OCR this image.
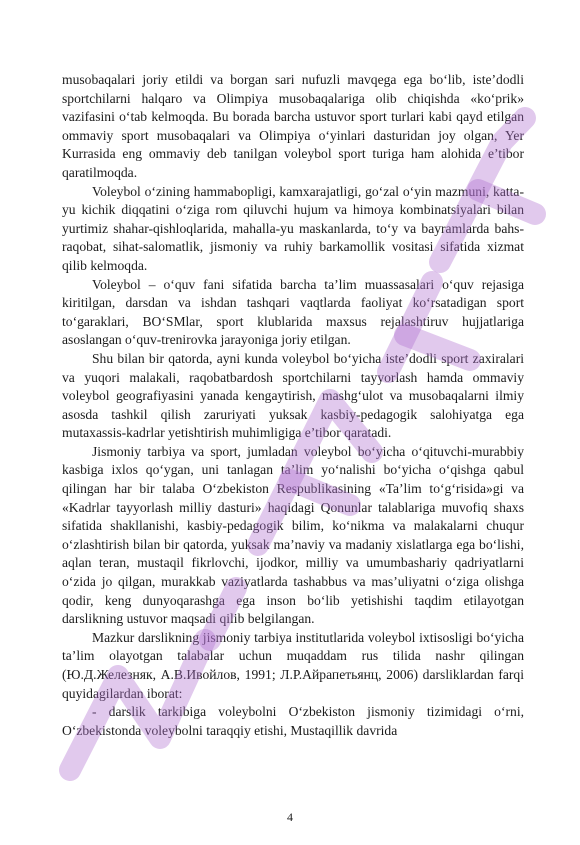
musobaqalari joriy etildi va borgan sari nufuzli mavqega ega bo‘lib, iste’dodli sportchilarni halqaro va Olimpiya musobaqalariga olib chiqishda «ko‘prik» vazifasini o‘tab kelmoqda. Bu borada barcha ustuvor sport turlari kabi qayd etilgan ommaviy sport musobaqalari va Olimpiya o‘yinlari dasturidan joy olgan, Yer Kurrasida eng ommaviy deb tanilgan voleybol sport turiga ham alohida e’tibor qaratilmoqda.

Voleybol o‘zining hammabopligi, kamxarajatligi, go‘zal o‘yin mazmuni, katta-yu kichik diqqatini o‘ziga rom qiluvchi hujum va himoya kombinatsiyalari bilan yurtimiz shahar-qishloqlarida, mahalla-yu maskanlarda, to‘y va bayramlarda bahs-raqobat, sihat-salomatlik, jismoniy va ruhiy barkamollik vositasi sifatida xizmat qilib kelmoqda.

Voleybol – o‘quv fani sifatida barcha ta’lim muassasalari o‘quv rejasiga kiritilgan, darsdan va ishdan tashqari vaqtlarda faoliyat ko‘rsatadigan sport to‘garaklari, BO‘SMlar, sport klublarida maxsus rejalashtiruv hujjatlariga asoslangan o‘quv-trenirovka jarayoniga joriy etilgan.

Shu bilan bir qatorda, ayni kunda voleybol bo‘yicha iste’dodli sport zaxiralari va yuqori malakali, raqobatbardosh sportchilarni tayyorlash hamda ommaviy voleybol geografiyasini yanada kengaytirish, mashg‘ulot va musobaqalarni ilmiy asosda tashkil qilish zaruriyati yuksak kasbiy-pedagogik salohiyatga ega mutaxassis-kadrlar yetishtirish muhimligiga e’tibor qaratadi.

Jismoniy tarbiya va sport, jumladan voleybol bo‘yicha o‘qituvchi-murabbiy kasbiga ixlos qo‘ygan, uni tanlagan ta’lim yo‘nalishi bo‘yicha o‘qishga qabul qilingan har bir talaba O‘zbekiston Respublikasining «Ta’lim to‘g‘risida»gi va «Kadrlar tayyorlash milliy dasturi» haqidagi Qonunlar talablariga muvofiq shaxs sifatida shakllanishi, kasbiy-pedagogik bilim, ko‘nikma va malakalarni chuqur o‘zlashtirish bilan bir qatorda, yuksak ma’naviy va madaniy xislatlarga ega bo‘lishi, aqlan teran, mustaqil fikrlovchi, ijodkor, milliy va umumbashariy qadriyatlarni o‘zida jo qilgan, murakkab vaziyatlarda tashabbus va mas’uliyatni o‘ziga olishga qodir, keng dunyoqarashga ega inson bo‘lib yetishishi taqdim etilayotgan darslikning ustuvor maqsadi qilib belgilangan.

Mazkur darslikning jismoniy tarbiya institutlarida voleybol ixtisosligi bo‘yicha ta’lim olayotgan talabalar uchun muqaddam rus tilida nashr qilingan (Ю.Д.Железняк, А.В.Ивойлов, 1991; Л.Р.Айрапетьянц, 2006) darsliklardan farqi quyidagilardan iborat:

- darslik tarkibiga voleybolni O‘zbekiston jismoniy tizimidagi o‘rni, O‘zbekistonda voleybolni taraqqiy etishi, Mustaqillik davrida

4
